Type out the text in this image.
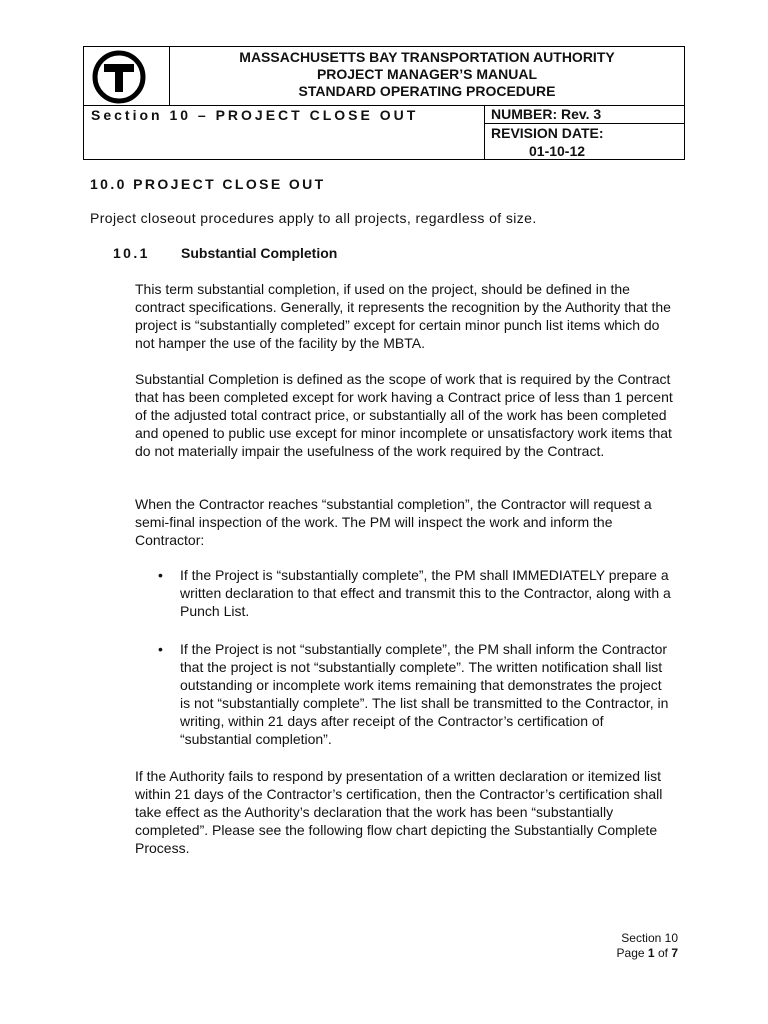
MASSACHUSETTS BAY TRANSPORTATION AUTHORITY
PROJECT MANAGER’S MANUAL
STANDARD OPERATING PROCEDURE
Section 10 – PROJECT CLOSE OUT	NUMBER: Rev. 3
REVISION DATE:
01-10-12
10.0 PROJECT CLOSE OUT
Project closeout procedures apply to all projects, regardless of size.
10.1 Substantial Completion
This term substantial completion, if used on the project, should be defined in the contract specifications. Generally, it represents the recognition by the Authority that the project is “substantially completed” except for certain minor punch list items which do not hamper the use of the facility by the MBTA.
Substantial Completion is defined as the scope of work that is required by the Contract that has been completed except for work having a Contract price of less than 1 percent of the adjusted total contract price, or substantially all of the work has been completed and opened to public use except for minor incomplete or unsatisfactory work items that do not materially impair the usefulness of the work required by the Contract.
When the Contractor reaches “substantial completion”, the Contractor will request a semi-final inspection of the work. The PM will inspect the work and inform the Contractor:
• If the Project is “substantially complete”, the PM shall IMMEDIATELY prepare a written declaration to that effect and transmit this to the Contractor, along with a Punch List.
• If the Project is not “substantially complete”, the PM shall inform the Contractor that the project is not “substantially complete”. The written notification shall list outstanding or incomplete work items remaining that demonstrates the project is not “substantially complete”. The list shall be transmitted to the Contractor, in writing, within 21 days after receipt of the Contractor’s certification of “substantial completion”.
If the Authority fails to respond by presentation of a written declaration or itemized list within 21 days of the Contractor’s certification, then the Contractor’s certification shall take effect as the Authority’s declaration that the work has been “substantially completed”. Please see the following flow chart depicting the Substantially Complete Process.
Section 10
Page 1 of 7
